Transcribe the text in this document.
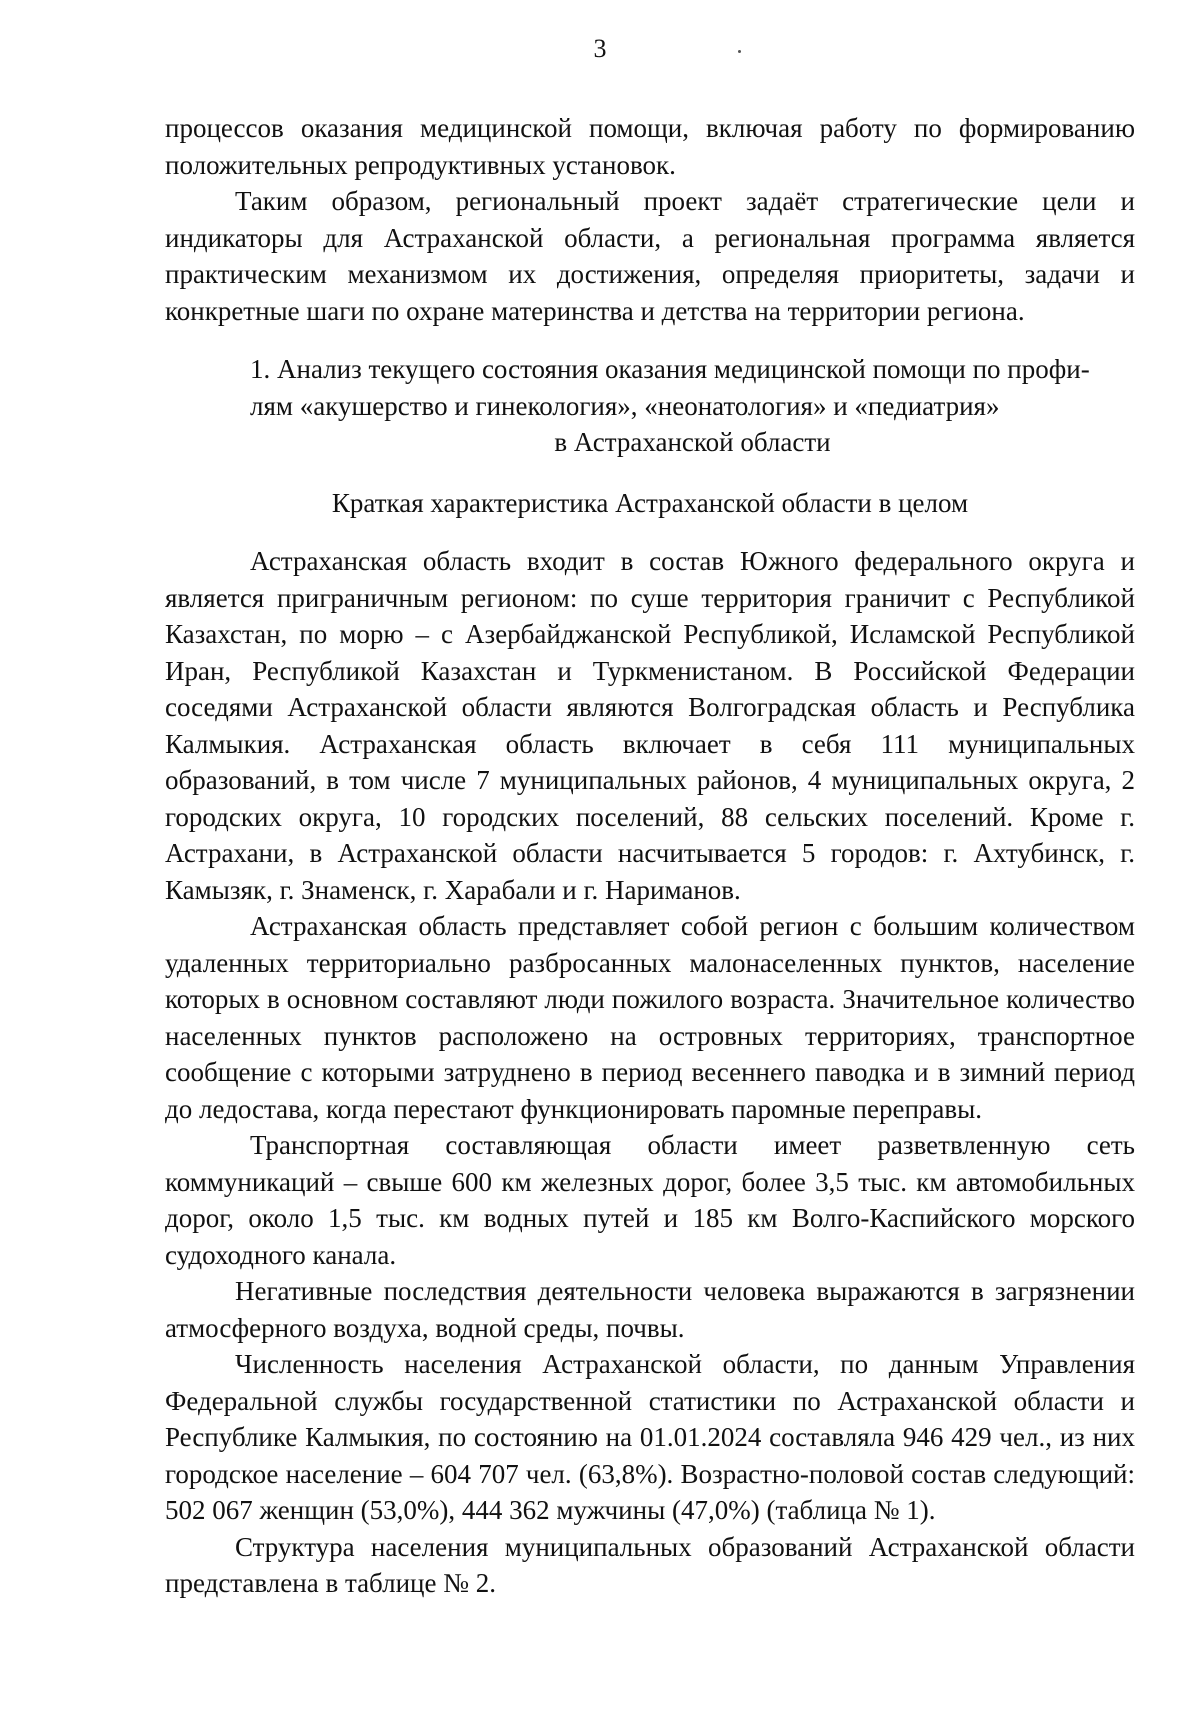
3

процессов оказания медицинской помощи, включая работу по формированию положительных репродуктивных установок.

Таким образом, региональный проект задаёт стратегические цели и индикаторы для Астраханской области, а региональная программа является практическим механизмом их достижения, определяя приоритеты, задачи и конкретные шаги по охране материнства и детства на территории региона.

1. Анализ текущего состояния оказания медицинской помощи по профи-
лям «акушерство и гинекология», «неонатология» и «педиатрия»
в Астраханской области

Краткая характеристика Астраханской области в целом

Астраханская область входит в состав Южного федерального округа и является приграничным регионом: по суше территория граничит с Республикой Казахстан, по морю – с Азербайджанской Республикой, Исламской Республикой Иран, Республикой Казахстан и Туркменистаном. В Российской Федерации соседями Астраханской области являются Волгоградская область и Республика Калмыкия. Астраханская область включает в себя 111 муниципальных образований, в том числе 7 муниципальных районов, 4 муниципальных округа, 2 городских округа, 10 городских поселений, 88 сельских поселений. Кроме г. Астрахани, в Астраханской области насчитывается 5 городов: г. Ахтубинск, г. Камызяк, г. Знаменск, г. Харабали и г. Нариманов.

Астраханская область представляет собой регион с большим количеством удаленных территориально разбросанных малонаселенных пунктов, население которых в основном составляют люди пожилого возраста. Значительное количество населенных пунктов расположено на островных территориях, транспортное сообщение с которыми затруднено в период весеннего паводка и в зимний период до ледостава, когда перестают функционировать паромные переправы.

Транспортная составляющая области имеет разветвленную сеть коммуникаций – свыше 600 км железных дорог, более 3,5 тыс. км автомобильных дорог, около 1,5 тыс. км водных путей и 185 км Волго-Каспийского морского судоходного канала.

Негативные последствия деятельности человека выражаются в загрязнении атмосферного воздуха, водной среды, почвы.

Численность населения Астраханской области, по данным Управления Федеральной службы государственной статистики по Астраханской области и Республике Калмыкия, по состоянию на 01.01.2024 составляла 946 429 чел., из них городское население – 604 707 чел. (63,8%). Возрастно-половой состав следующий: 502 067 женщин (53,0%), 444 362 мужчины (47,0%) (таблица № 1).

Структура населения муниципальных образований Астраханской области представлена в таблице № 2.
